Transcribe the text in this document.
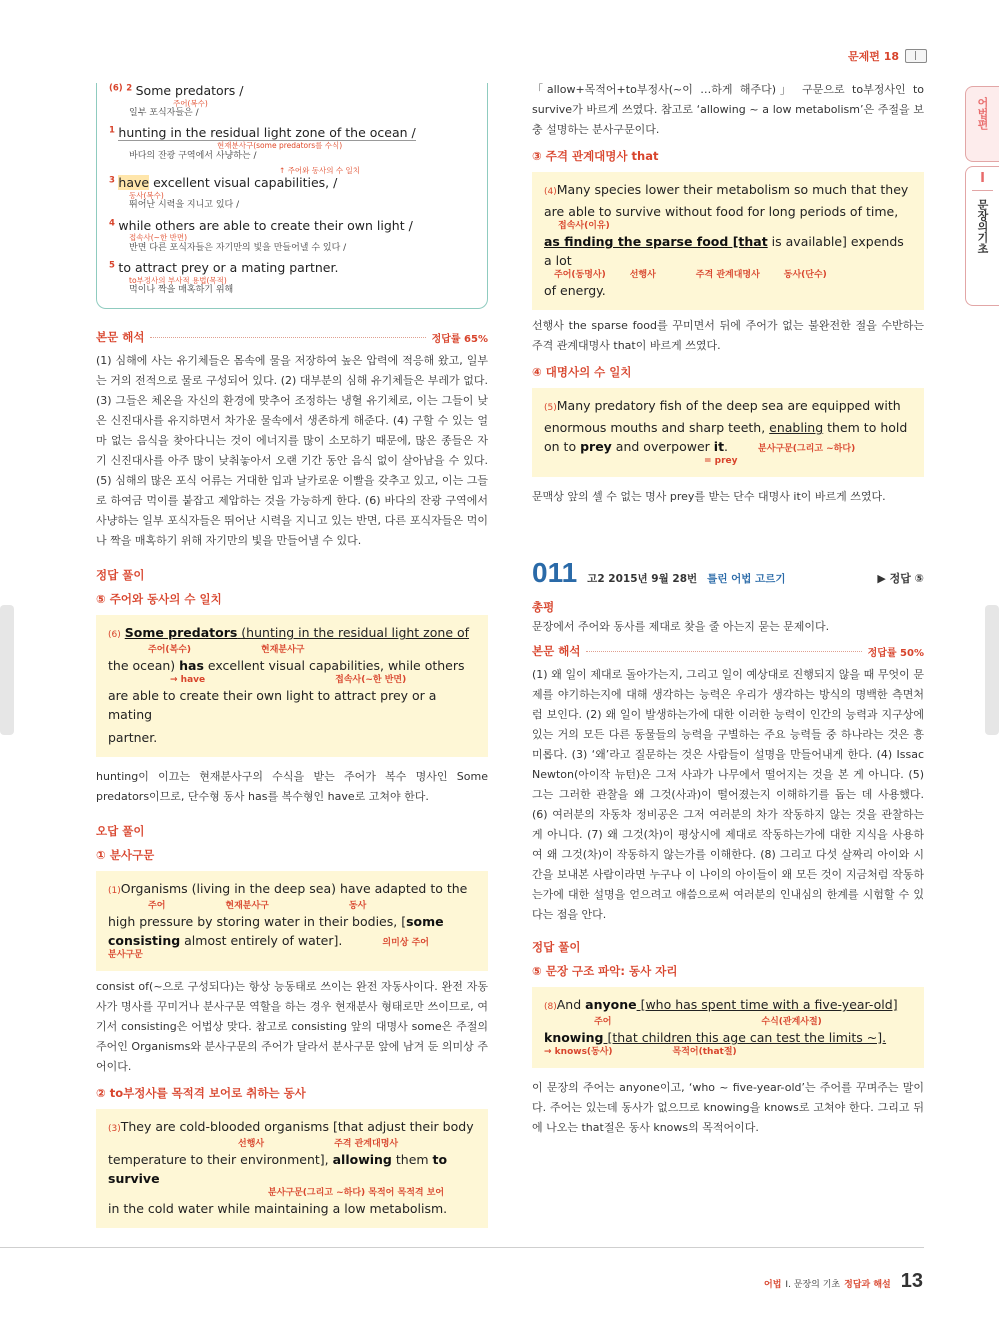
문제편 18
어법편
I
문장의기초
$^{(6)}$ $^2$ Some predators /
주어(복수)
일부 포식자들은 /
$^1$ hunting in the residual light zone of the ocean /
현재분사구(some predators를 수식)
바다의 잔광 구역에서 사냥하는 /
↑ 주어와 동사의 수 일치
$^3$ have excellent visual capabilities, /
동사(복수)
뛰어난 시력을 지니고 있다 /
$^4$ while others are able to create their own light /
접속사(~한 반면)
반면 다른 포식자들은 자기만의 빛을 만들어낼 수 있다 /
$^5$ to attract prey or a mating partner.
to부정사의 부사적 용법(목적)
먹이나 짝을 매혹하기 위해
본문 해석	정답률 65%
(1) 심해에 사는 유기체들은 몸속에 물을 저장하여 높은 압력에 적응해 왔고, 일부는 거의 전적으로 물로 구성되어 있다. (2) 대부분의 심해 유기체들은 부레가 없다. (3) 그들은 체온을 자신의 환경에 맞추어 조정하는 냉혈 유기체로, 이는 그들이 낮은 신진대사를 유지하면서 차가운 물속에서 생존하게 해준다. (4) 구할 수 있는 얼마 없는 음식을 찾아다니는 것이 에너지를 많이 소모하기 때문에, 많은 종들은 자기 신진대사를 아주 많이 낮춰놓아서 오랜 기간 동안 음식 없이 살아남을 수 있다. (5) 심해의 많은 포식 어류는 거대한 입과 날카로운 이빨을 갖추고 있고, 이는 그들로 하여금 먹이를 붙잡고 제압하는 것을 가능하게 한다. (6) 바다의 잔광 구역에서 사냥하는 일부 포식자들은 뛰어난 시력을 지니고 있는 반면, 다른 포식자들은 먹이나 짝을 매혹하기 위해 자기만의 빛을 만들어낼 수 있다.
정답 풀이
⑤ 주어와 동사의 수 일치
(6) Some predators (hunting in the residual light zone of
주어(복수)	현재분사구
the ocean) has excellent visual capabilities, while others
→ have	접속사(~한 반면)
are able to create their own light to attract prey or a mating
partner.
hunting이 이끄는 현재분사구의 수식을 받는 주어가 복수 명사인 Some predators이므로, 단수형 동사 has를 복수형인 have로 고쳐야 한다.
오답 풀이
① 분사구문
(1)Organisms (living in the deep sea) have adapted to the
주어	현재분사구	동사
high pressure by storing water in their bodies, [some
consisting almost entirely of water].	의미상 주어
분사구문
consist of(~으로 구성되다)는 항상 능동태로 쓰이는 완전 자동사이다. 완전 자동사가 명사를 꾸미거나 분사구문 역할을 하는 경우 현재분사 형태로만 쓰이므로, 여기서 consisting은 어법상 맞다. 참고로 consisting 앞의 대명사 some은 주절의 주어인 Organisms와 분사구문의 주어가 달라서 분사구문 앞에 남겨 둔 의미상 주어이다.
② to부정사를 목적격 보어로 취하는 동사
(3)They are cold-blooded organisms [that adjust their body
선행사	주격 관계대명사
temperature to their environment], allowing them to survive
분사구문(그리고 ~하다) 목적어 목적격 보어
in the cold water while maintaining a low metabolism.
「allow+목적어+to부정사(~이 …하게 해주다)」 구문으로 to부정사인 to survive가 바르게 쓰였다. 참고로 ‘allowing ~ a low metabolism’은 주절을 보충 설명하는 분사구문이다.
③ 주격 관계대명사 that
(4)Many species lower their metabolism so much that they
are able to survive without food for long periods of time,
접속사(이유)
as finding the sparse food [that is available] expends a lot
주어(동명사)	선행사	주격 관계대명사	동사(단수)
of energy.
선행사 the sparse food를 꾸미면서 뒤에 주어가 없는 불완전한 절을 수반하는 주격 관계대명사 that이 바르게 쓰였다.
④ 대명사의 수 일치
(5)Many predatory fish of the deep sea are equipped with
enormous mouths and sharp teeth, enabling them to hold
on to prey and overpower it.	분사구문(그리고 ~하다)
= prey
문맥상 앞의 셀 수 없는 명사 prey를 받는 단수 대명사 it이 바르게 쓰였다.
011 고2 2015년 9월 28번 틀린 어법 고르기	▶ 정답 ⑤
총평
문장에서 주어와 동사를 제대로 찾을 줄 아는지 묻는 문제이다.
본문 해석	정답률 50%
(1) 왜 일이 제대로 돌아가는지, 그리고 일이 예상대로 진행되지 않을 때 무엇이 문제를 야기하는지에 대해 생각하는 능력은 우리가 생각하는 방식의 명백한 측면처럼 보인다. (2) 왜 일이 발생하는가에 대한 이러한 능력이 인간의 능력과 지구상에 있는 거의 모든 다른 동물들의 능력을 구별하는 주요 능력들 중 하나라는 것은 흥미롭다. (3) ‘왜’라고 질문하는 것은 사람들이 설명을 만들어내게 한다. (4) Issac Newton(아이작 뉴턴)은 그저 사과가 나무에서 떨어지는 것을 본 게 아니다. (5) 그는 그러한 관찰을 왜 그것(사과)이 떨어졌는지 이해하기를 돕는 데 사용했다. (6) 여러분의 자동차 정비공은 그저 여러분의 차가 작동하지 않는 것을 관찰하는 게 아니다. (7) 왜 그것(차)이 평상시에 제대로 작동하는가에 대한 지식을 사용하여 왜 그것(차)이 작동하지 않는가를 이해한다. (8) 그리고 다섯 살짜리 아이와 시간을 보내본 사람이라면 누구나 이 나이의 아이들이 왜 모든 것이 지금처럼 작동하는가에 대한 설명을 얻으려고 애씀으로써 여러분의 인내심의 한계를 시험할 수 있다는 점을 안다.
정답 풀이
⑤ 문장 구조 파악: 동사 자리
(8)And anyone [who has spent time with a five-year-old]
주어	수식(관계사절)
knowing [that children this age can test the limits ~].
→ knows(동사)	목적어(that절)
이 문장의 주어는 anyone이고, ‘who ~ five-year-old’는 주어를 꾸며주는 말이다. 주어는 있는데 동사가 없으므로 knowing을 knows로 고쳐야 한다. 그리고 뒤에 나오는 that절은 동사 knows의 목적어이다.
어법 I. 문장의 기초 정답과 해설 13
